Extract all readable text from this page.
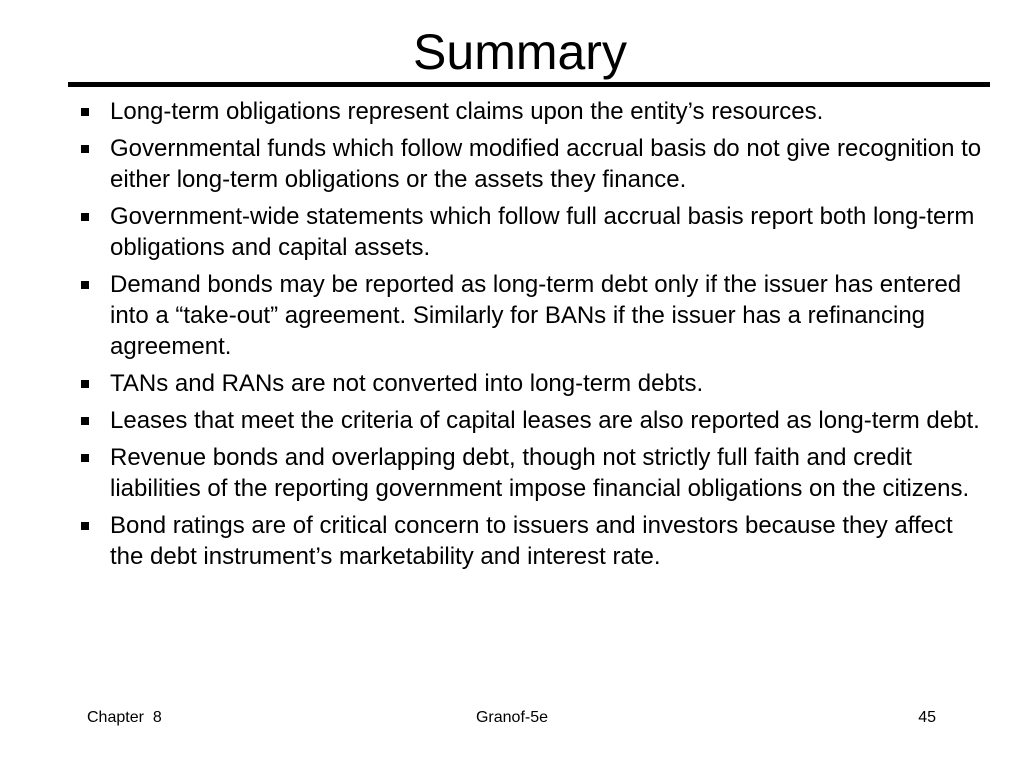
Summary
Long-term obligations represent claims upon the entity’s resources.
Governmental funds which follow modified accrual basis do not give recognition to either long-term obligations or the assets they finance.
Government-wide statements which follow full accrual basis report both long-term obligations and capital assets.
Demand bonds may be reported as long-term debt only if the issuer has entered into a “take-out” agreement. Similarly for BANs if the issuer has a refinancing agreement.
TANs and RANs are not converted into long-term debts.
Leases that meet the criteria of capital leases are also reported as long-term debt.
Revenue bonds and overlapping debt, though not strictly full faith and credit liabilities of the reporting government impose financial obligations on the citizens.
Bond ratings are of critical concern to issuers and investors because they affect the debt instrument’s marketability and interest rate.
Chapter  8	Granof-5e	45
